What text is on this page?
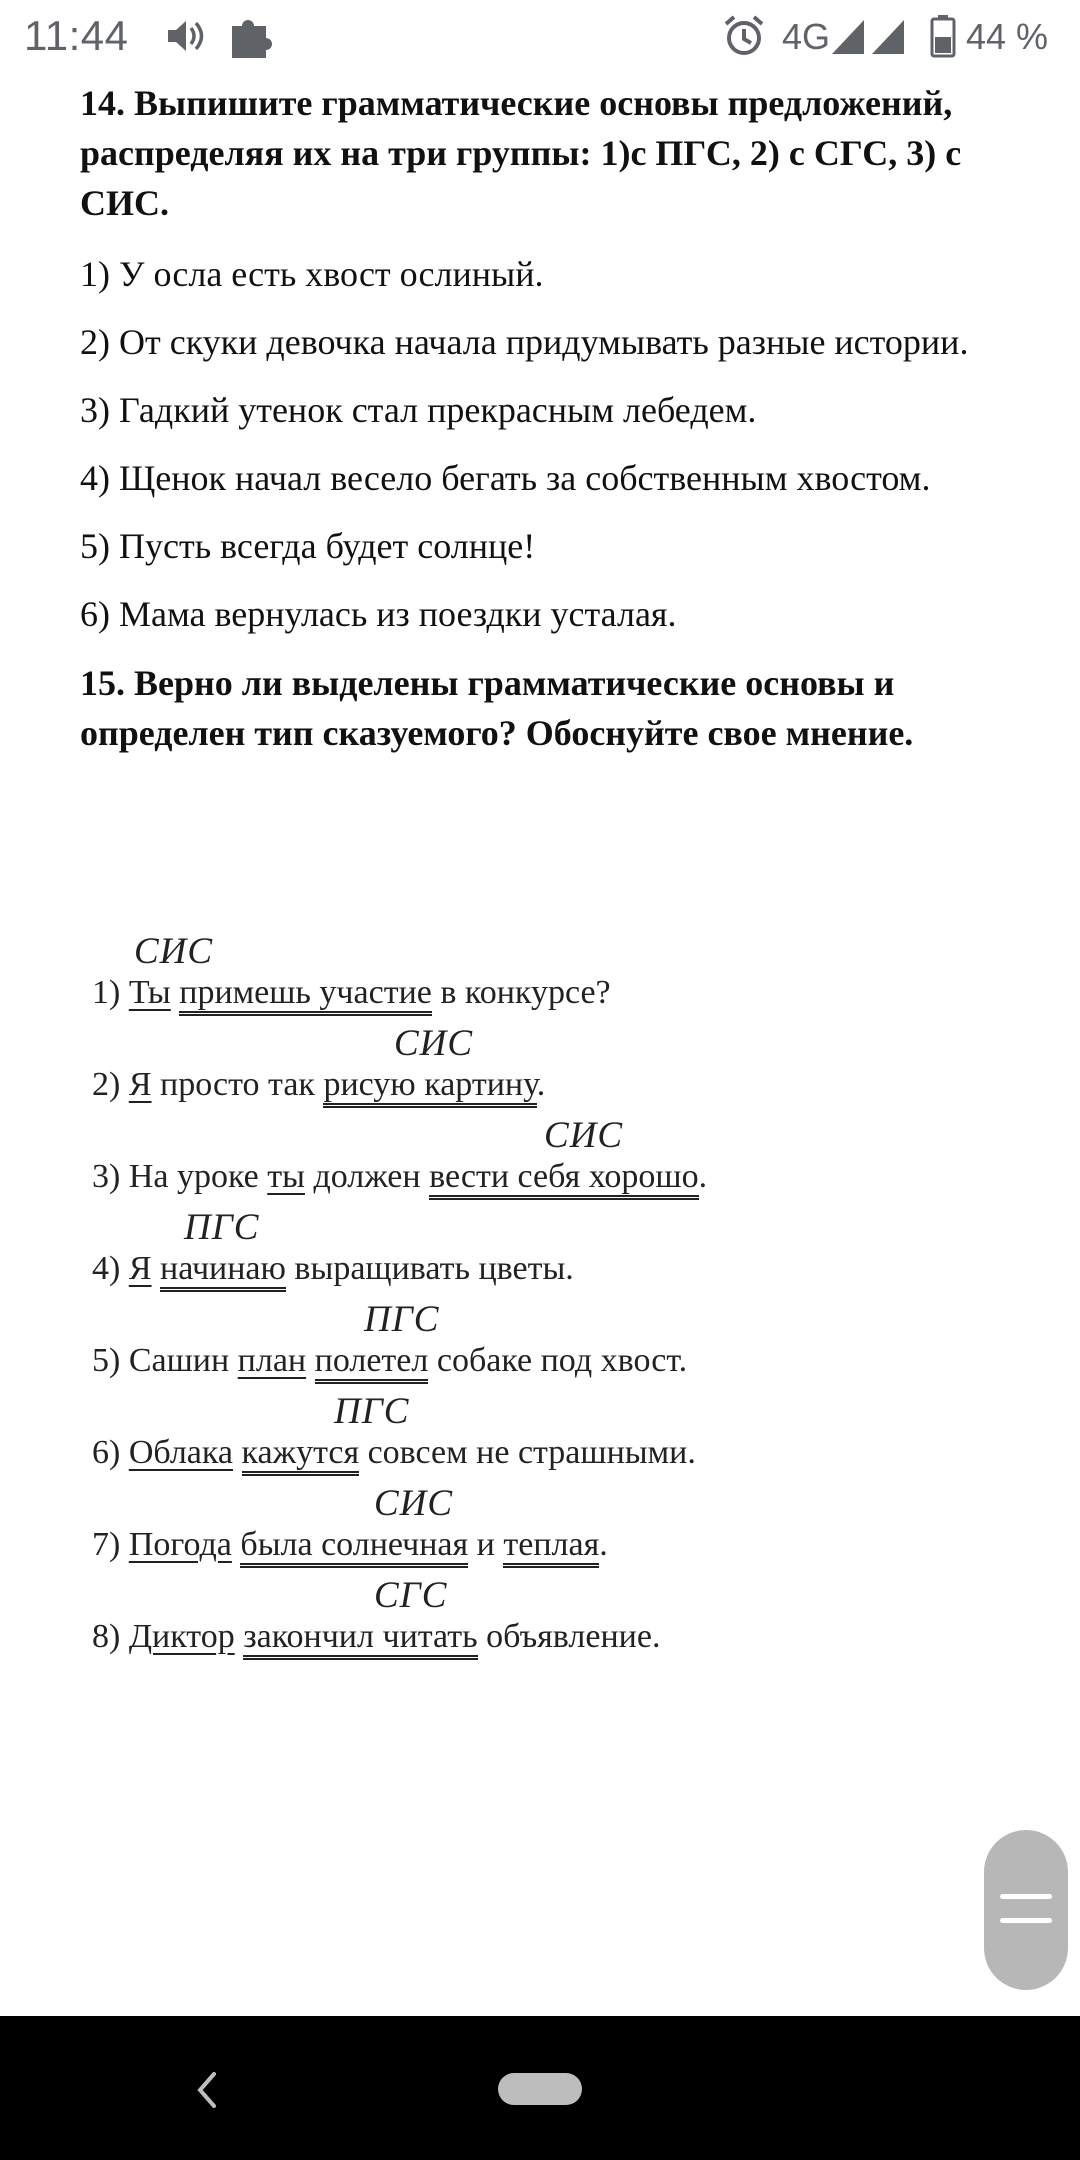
11:44	4G	44 %

14. Выпишите грамматические основы предложений, распределяя их на три группы: 1)с ПГС, 2) с СГС, 3) с СИС.

1) У осла есть хвост ослиный.

2) От скуки девочка начала придумывать разные истории.

3) Гадкий утенок стал прекрасным лебедем.

4) Щенок начал весело бегать за собственным хвостом.

5) Пусть всегда будет солнце!

6) Мама вернулась из поездки усталая.

15. Верно ли выделены грамматические основы и определен тип сказуемого? Обоснуйте свое мнение.

СИС
1) Ты примешь участие в конкурсе?
СИС
2) Я просто так рисую картину.
СИС
3) На уроке ты должен вести себя хорошо.
ПГС
4) Я начинаю выращивать цветы.
ПГС
5) Сашин план полетел собаке под хвост.
ПГС
6) Облака кажутся совсем не страшными.
СИС
7) Погода была солнечная и теплая.
СГС
8) Диктор закончил читать объявление.
